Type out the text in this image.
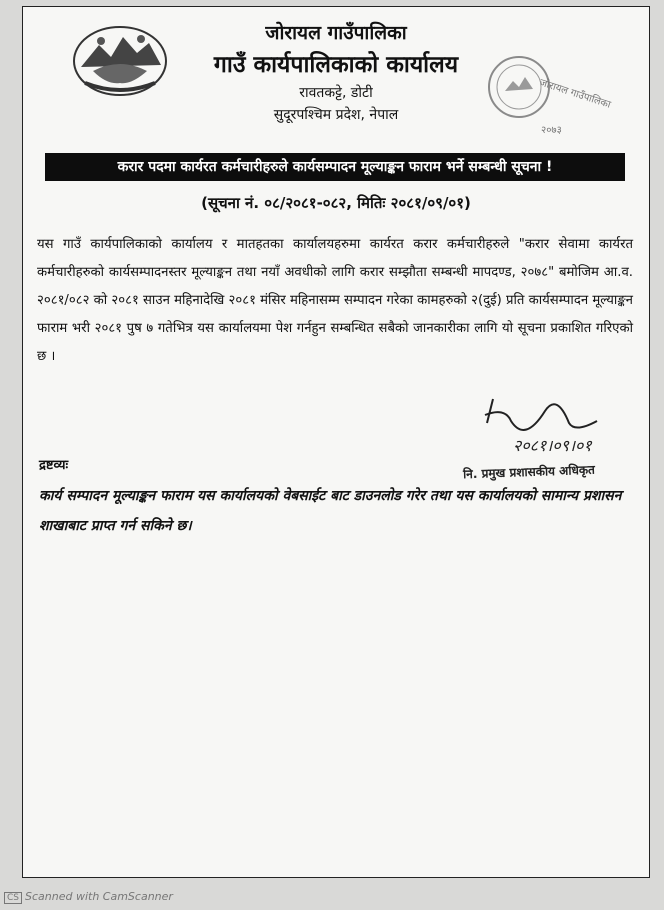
जोरायल गाउँपालिका
गाउँ कार्यपालिकाको कार्यालय
रावतकट्टे, डोटी
सुदूरपश्चिम प्रदेश, नेपाल
जोरायल गाउँपालिका
२०७३
करार पदमा कार्यरत कर्मचारीहरुले कार्यसम्पादन मूल्याङ्कन फाराम भर्ने सम्बन्धी सूचना !
(सूचना नं. ०८/२०८१-०८२, मितिः २०८१/०९/०१)
यस गाउँ कार्यपालिकाको कार्यालय र मातहतका कार्यालयहरुमा कार्यरत करार कर्मचारीहरुले "करार सेवामा कार्यरत कर्मचारीहरुको कार्यसम्पादनस्तर मूल्याङ्कन तथा नयाँ अवधीको लागि करार सम्झौता सम्बन्धी मापदण्ड, २०७८" बमोजिम आ.व. २०८१/०८२ को २०८१ साउन महिनादेखि २०८१ मंसिर महिनासम्म सम्पादन गरेका कामहरुको २(दुई) प्रति कार्यसम्पादन मूल्याङ्कन फाराम भरी २०८१ पुष ७ गतेभित्र यस कार्यालयमा पेश गर्नहुन सम्बन्धित सबैको जानकारीका लागि यो सूचना प्रकाशित गरिएको छ ।
२०८१।०९।०१
नि. प्रमुख प्रशासकीय अधिकृत
द्रष्टव्यः
कार्य सम्पादन मूल्याङ्कन फाराम यस कार्यालयको वेबसाईट बाट डाउनलोड गरेर तथा यस कार्यालयको सामान्य प्रशासन शाखाबाट प्राप्त गर्न सकिने छ।
CS Scanned with CamScanner
